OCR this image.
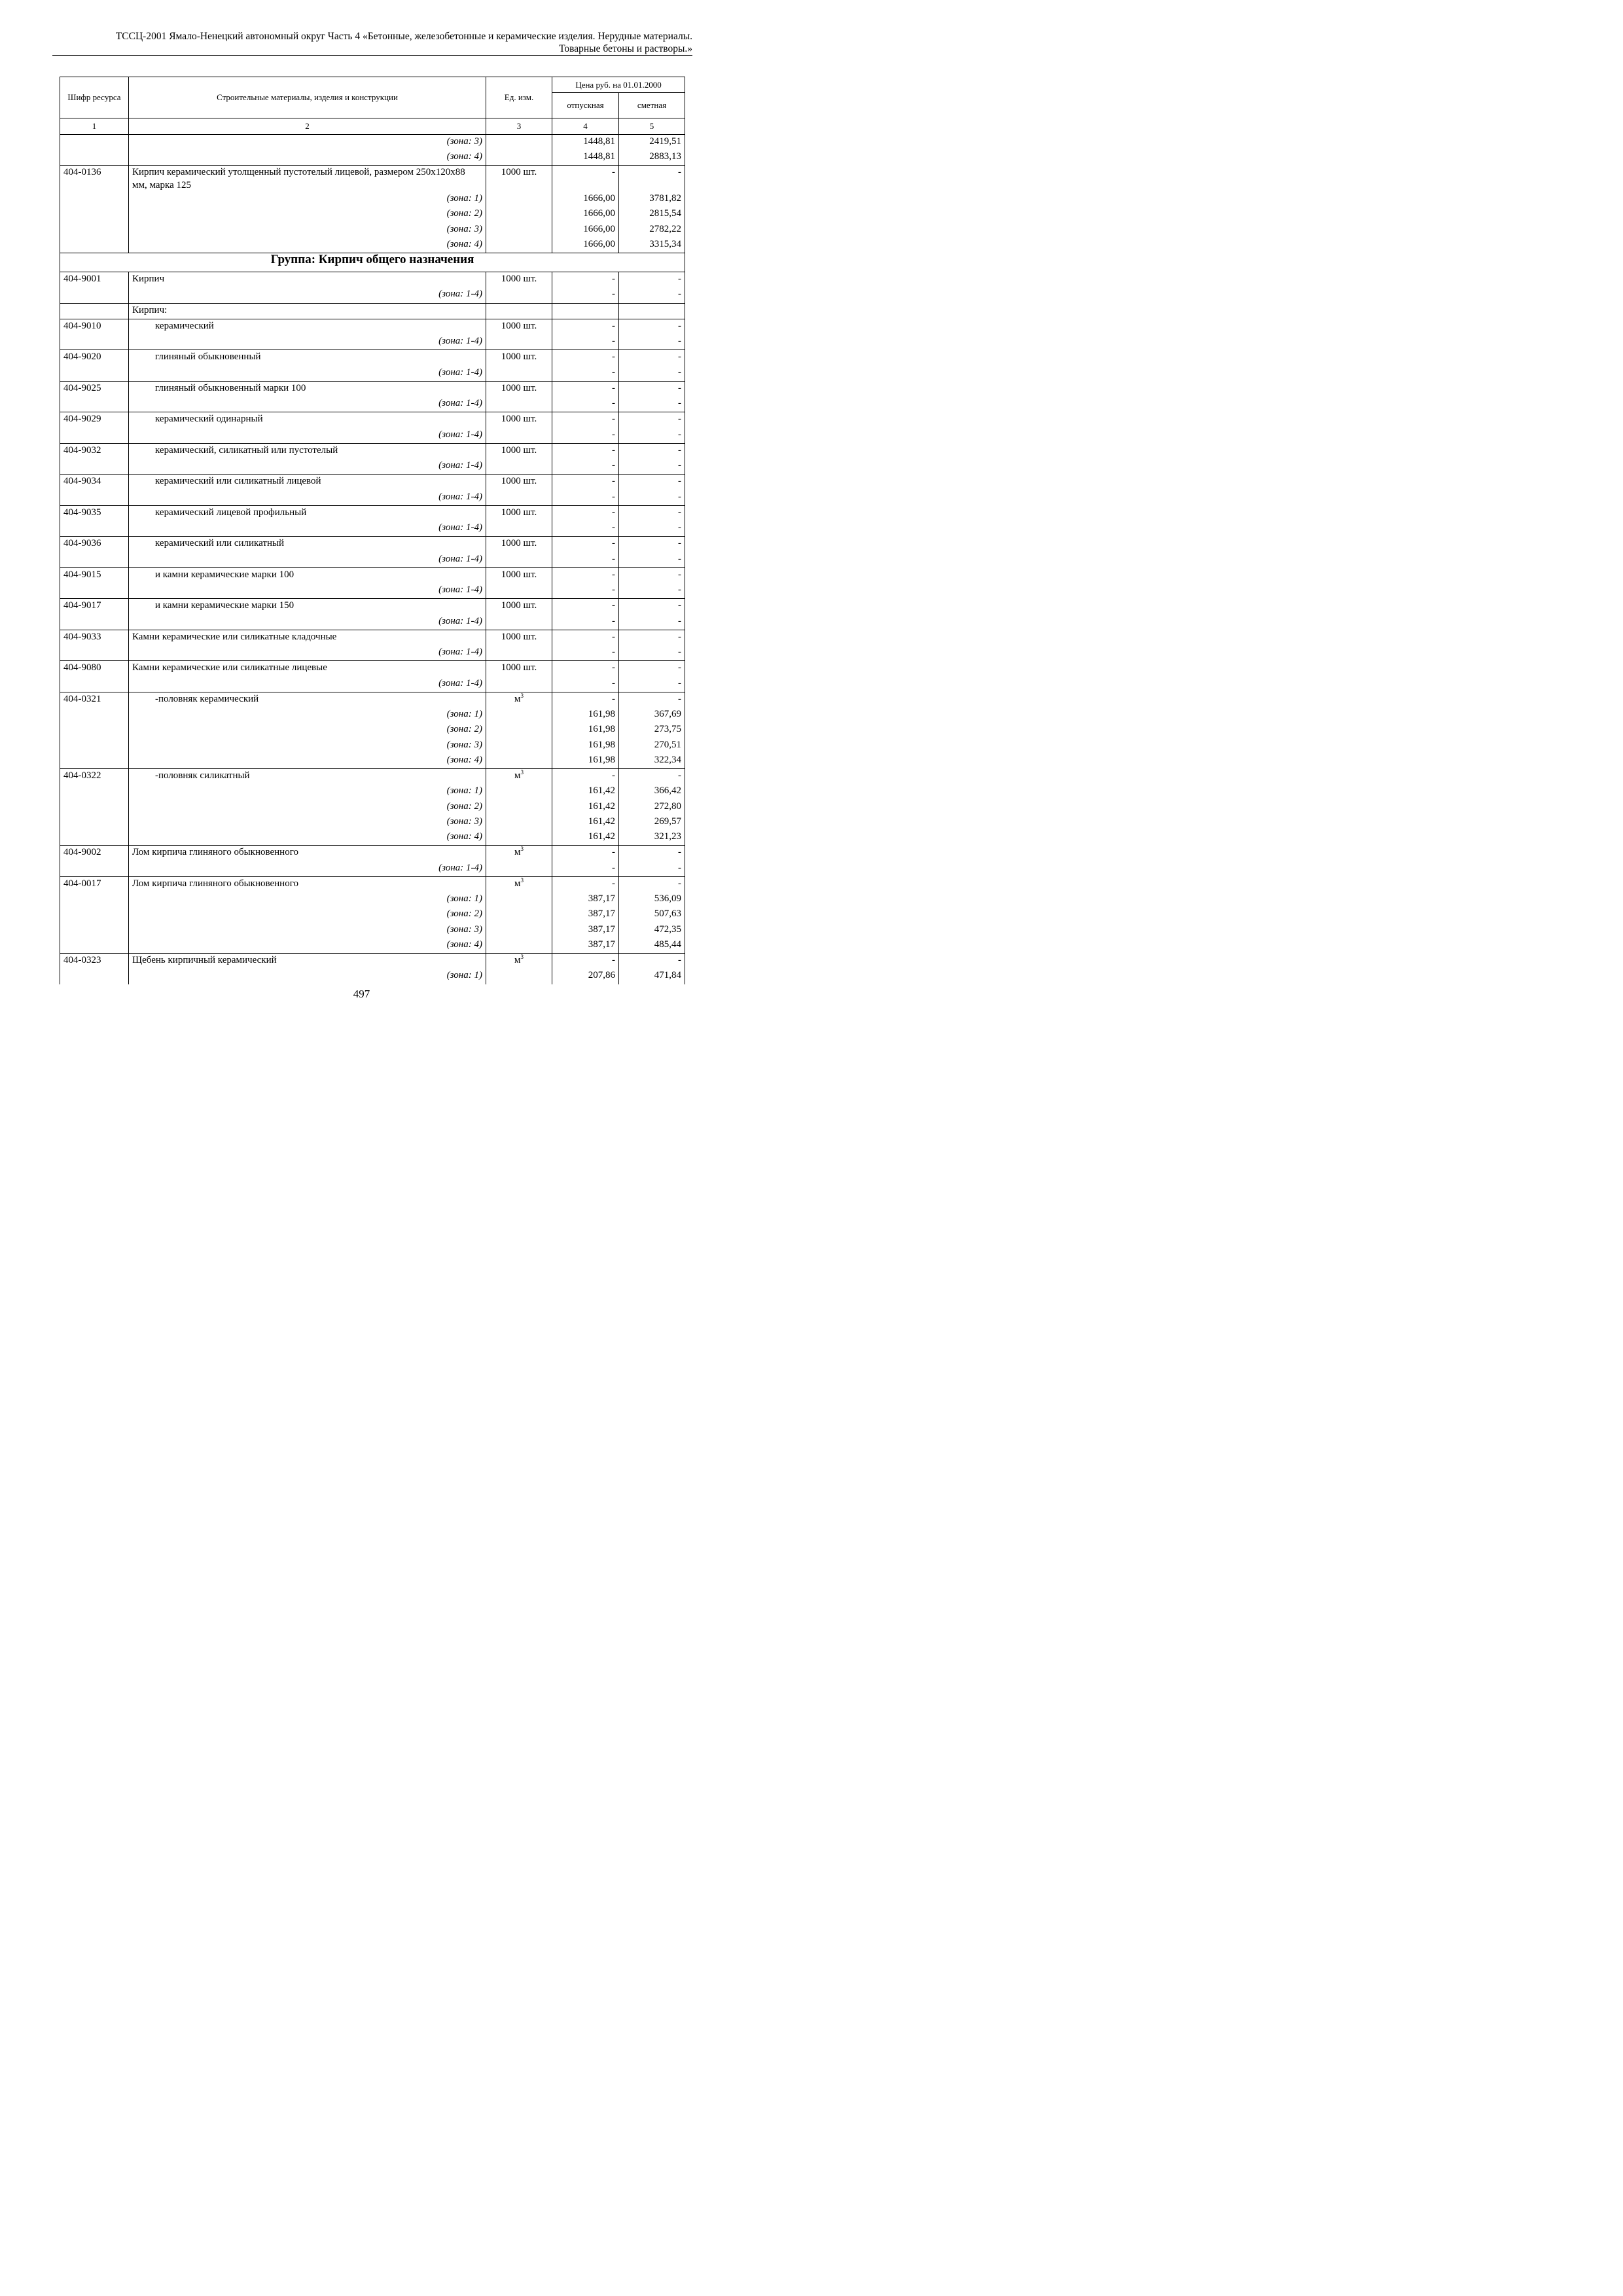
ТССЦ-2001 Ямало-Ненецкий автономный округ Часть 4 «Бетонные, железобетонные и керамические изделия. Нерудные материалы.
Товарные бетоны и растворы.»
Шифр ресурса	Строительные материалы, изделия и конструкции	Ед. изм.	Цена руб. на 01.01.2000	
			отпускная	сметная
1	2	3	4	5
	(зона: 3)		1448,81	2419,51
	(зона: 4)		1448,81	2883,13
404-0136	Кирпич керамический утолщенный пустотелый лицевой, размером 250х120х88 мм, марка 125	1000 шт.	-	-
	(зона: 1)		1666,00	3781,82
	(зона: 2)		1666,00	2815,54
	(зона: 3)		1666,00	2782,22
	(зона: 4)		1666,00	3315,34
Группа: Кирпич общего назначения				
404-9001	Кирпич	1000 шт.	-	-
	(зона: 1-4)		-	-
	Кирпич:			
404-9010	керамический	1000 шт.	-	-
	(зона: 1-4)		-	-
404-9020	глиняный обыкновенный	1000 шт.	-	-
	(зона: 1-4)		-	-
404-9025	глиняный обыкновенный марки 100	1000 шт.	-	-
	(зона: 1-4)		-	-
404-9029	керамический одинарный	1000 шт.	-	-
	(зона: 1-4)		-	-
404-9032	керамический, силикатный или пустотелый	1000 шт.	-	-
	(зона: 1-4)		-	-
404-9034	керамический или силикатный лицевой	1000 шт.	-	-
	(зона: 1-4)		-	-
404-9035	керамический лицевой профильный	1000 шт.	-	-
	(зона: 1-4)		-	-
404-9036	керамический или силикатный	1000 шт.	-	-
	(зона: 1-4)		-	-
404-9015	и камни керамические марки 100	1000 шт.	-	-
	(зона: 1-4)		-	-
404-9017	и камни керамические марки 150	1000 шт.	-	-
	(зона: 1-4)		-	-
404-9033	Камни керамические или силикатные кладочные	1000 шт.	-	-
	(зона: 1-4)		-	-
404-9080	Камни керамические или силикатные лицевые	1000 шт.	-	-
	(зона: 1-4)		-	-
404-0321	-половняк керамический	$м^3$	-	-
	(зона: 1)		161,98	367,69
	(зона: 2)		161,98	273,75
	(зона: 3)		161,98	270,51
	(зона: 4)		161,98	322,34
404-0322	-половняк силикатный	$м^3$	-	-
	(зона: 1)		161,42	366,42
	(зона: 2)		161,42	272,80
	(зона: 3)		161,42	269,57
	(зона: 4)		161,42	321,23
404-9002	Лом кирпича глиняного обыкновенного	$м^3$	-	-
	(зона: 1-4)		-	-
404-0017	Лом кирпича глиняного обыкновенного	$м^3$	-	-
	(зона: 1)		387,17	536,09
	(зона: 2)		387,17	507,63
	(зона: 3)		387,17	472,35
	(зона: 4)		387,17	485,44
404-0323	Щебень кирпичный керамический	$м^3$	-	-
	(зона: 1)		207,86	471,84
497
